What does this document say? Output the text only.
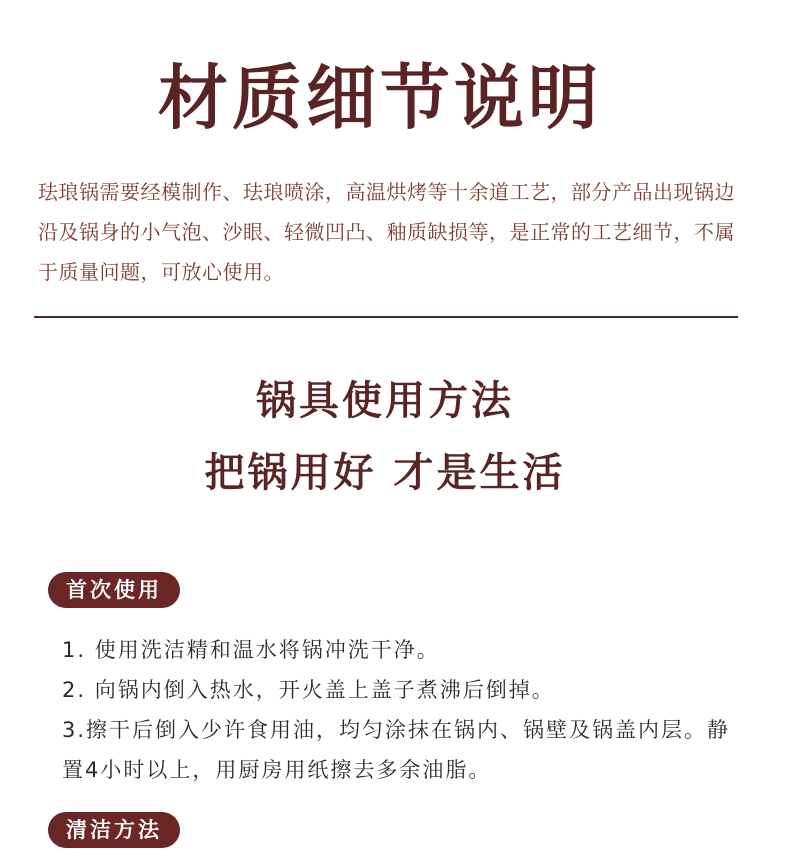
材质细节说明
珐琅锅需要经模制作、珐琅喷涂，高温烘烤等十余道工艺，部分产品出现锅边沿及锅身的小气泡、沙眼、轻微凹凸、釉质缺损等，是正常的工艺细节，不属于质量问题，可放心使用。
锅具使用方法
把锅用好 才是生活
首次使用
1. 使用洗洁精和温水将锅冲洗干净。
2. 向锅内倒入热水，开火盖上盖子煮沸后倒掉。
3.擦干后倒入少许食用油，均匀涂抹在锅内、锅壁及锅盖内层。静置4小时以上，用厨房用纸擦去多余油脂。
清洁方法
